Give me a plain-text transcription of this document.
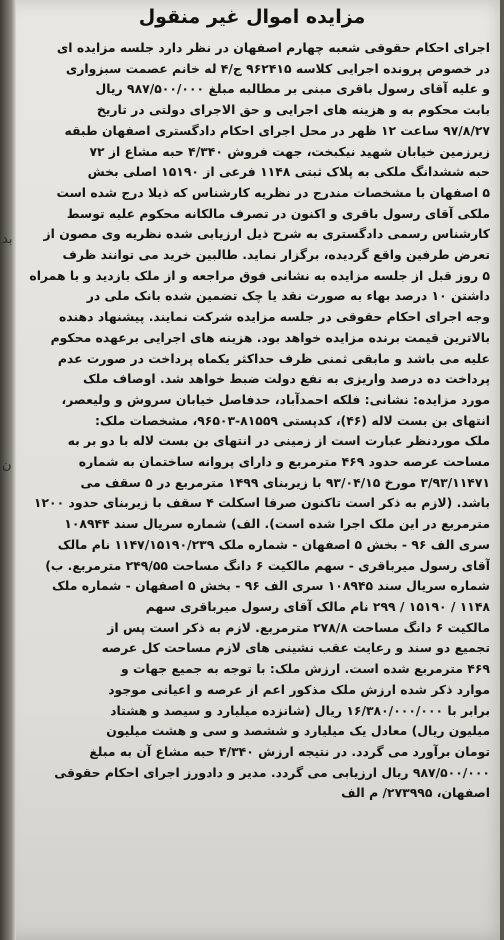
مزایده اموال غیر منقول
اجرای احکام حقوقی شعبه چهارم اصفهان در نظر دارد جلسه مزایده ای
در خصوص پرونده اجرایی کلاسه ۹۶۲۴۱۵ ج/۴ له خانم عصمت سبزواری
و علیه آقای رسول باقری مبنی بر مطالبه مبلغ ۹۸۷/۵۰۰/۰۰۰ ریال
بابت محکوم به و هزینه های اجرایی و حق الاجرای دولتی در تاریخ
۹۷/۸/۲۷ ساعت ۱۲ ظهر در محل اجرای احکام دادگستری اصفهان طبقه
زیرزمین خیابان شهید نیکبخت، جهت فروش ۴/۳۴۰ حبه مشاع از ۷۲
حبه ششدانگ ملکی به پلاک ثبتی ۱۱۴۸ فرعی از ۱۵۱۹۰ اصلی بخش
۵ اصفهان با مشخصات مندرج در نظریه کارشناس که ذیلا درج شده است
ملکی آقای رسول باقری و اکنون در تصرف مالکانه محکوم علیه توسط
کارشناس رسمی دادگستری به شرح ذیل ارزیابی شده نظریه وی مصون از
تعرض طرفین واقع گردیده، برگزار نماید. طالبین خرید می توانند ظرف
۵ روز قبل از جلسه مزایده به نشانی فوق مراجعه و از ملک بازدید و با همراه
داشتن ۱۰ درصد بهاء به صورت نقد یا چک تضمین شده بانک ملی در
وجه اجرای احکام حقوقی در جلسه مزایده شرکت نمایند. پیشنهاد دهنده
بالاترین قیمت برنده مزایده خواهد بود. هزینه های اجرایی برعهده محکوم
علیه می باشد و مابقی ثمنی ظرف حداکثر یکماه پرداخت در صورت عدم
پرداخت ده درصد واریزی به نفع دولت ضبط خواهد شد. اوصاف ملک
مورد مزایده: نشانی: فلکه احمدآباد، حدفاصل خیابان سروش و ولیعصر،
انتهای بن بست لاله (۴۶)، کدپستی ۸۱۵۵۹-۹۶۵۰۳، مشخصات ملک:
ملک موردنظر عبارت است از زمینی در انتهای بن بست لاله با دو بر به
مساحت عرصه حدود ۴۶۹ مترمربع و دارای پروانه ساختمان به شماره
۳/۹۳/۱۱۴۷۱ مورخ ۹۳/۰۴/۱۵ با زیربنای ۱۴۹۹ مترمربع در ۵ سقف می
باشد. (لازم به ذکر است تاکنون صرفا اسکلت ۴ سقف با زیربنای حدود ۱۲۰۰
مترمربع در این ملک اجرا شده است). الف) شماره سریال سند ۱۰۸۹۴۴
سری الف ۹۶ - بخش ۵ اصفهان - شماره ملک ۱۱۴۷/۱۵۱۹۰/۲۳۹ نام مالک
آقای رسول میرباقری - سهم مالکیت ۶ دانگ مساحت ۲۴۹/۵۵ مترمربع. ب)
شماره سریال سند ۱۰۸۹۴۵ سری الف ۹۶ - بخش ۵ اصفهان - شماره ملک
۱۱۴۸ / ۱۵۱۹۰ / ۲۹۹ نام مالک آقای رسول میرباقری سهم
مالکیت ۶ دانگ مساحت ۲۷۸/۸ مترمربع. لازم به ذکر است پس از
تجمیع دو سند و رعایت عقب نشینی های لازم مساحت کل عرصه
۴۶۹ مترمربع شده است. ارزش ملک: با توجه به جمیع جهات و
موارد ذکر شده ارزش ملک مذکور اعم از عرصه و اعیانی موجود
برابر با ۱۶/۳۸۰/۰۰۰/۰۰۰ ریال (شانزده میلیارد و سیصد و هشتاد
میلیون ریال) معادل یک میلیارد و ششصد و سی و هشت میلیون
تومان برآورد می گردد. در نتیجه ارزش ۴/۳۴۰ حبه مشاع آن به مبلغ
۹۸۷/۵۰۰/۰۰۰ ریال ارزیابی می گردد. مدیر و دادورز اجرای احکام حقوقی
اصفهان، ۲۷۳۹۹۵/ م الف
بد
ن
